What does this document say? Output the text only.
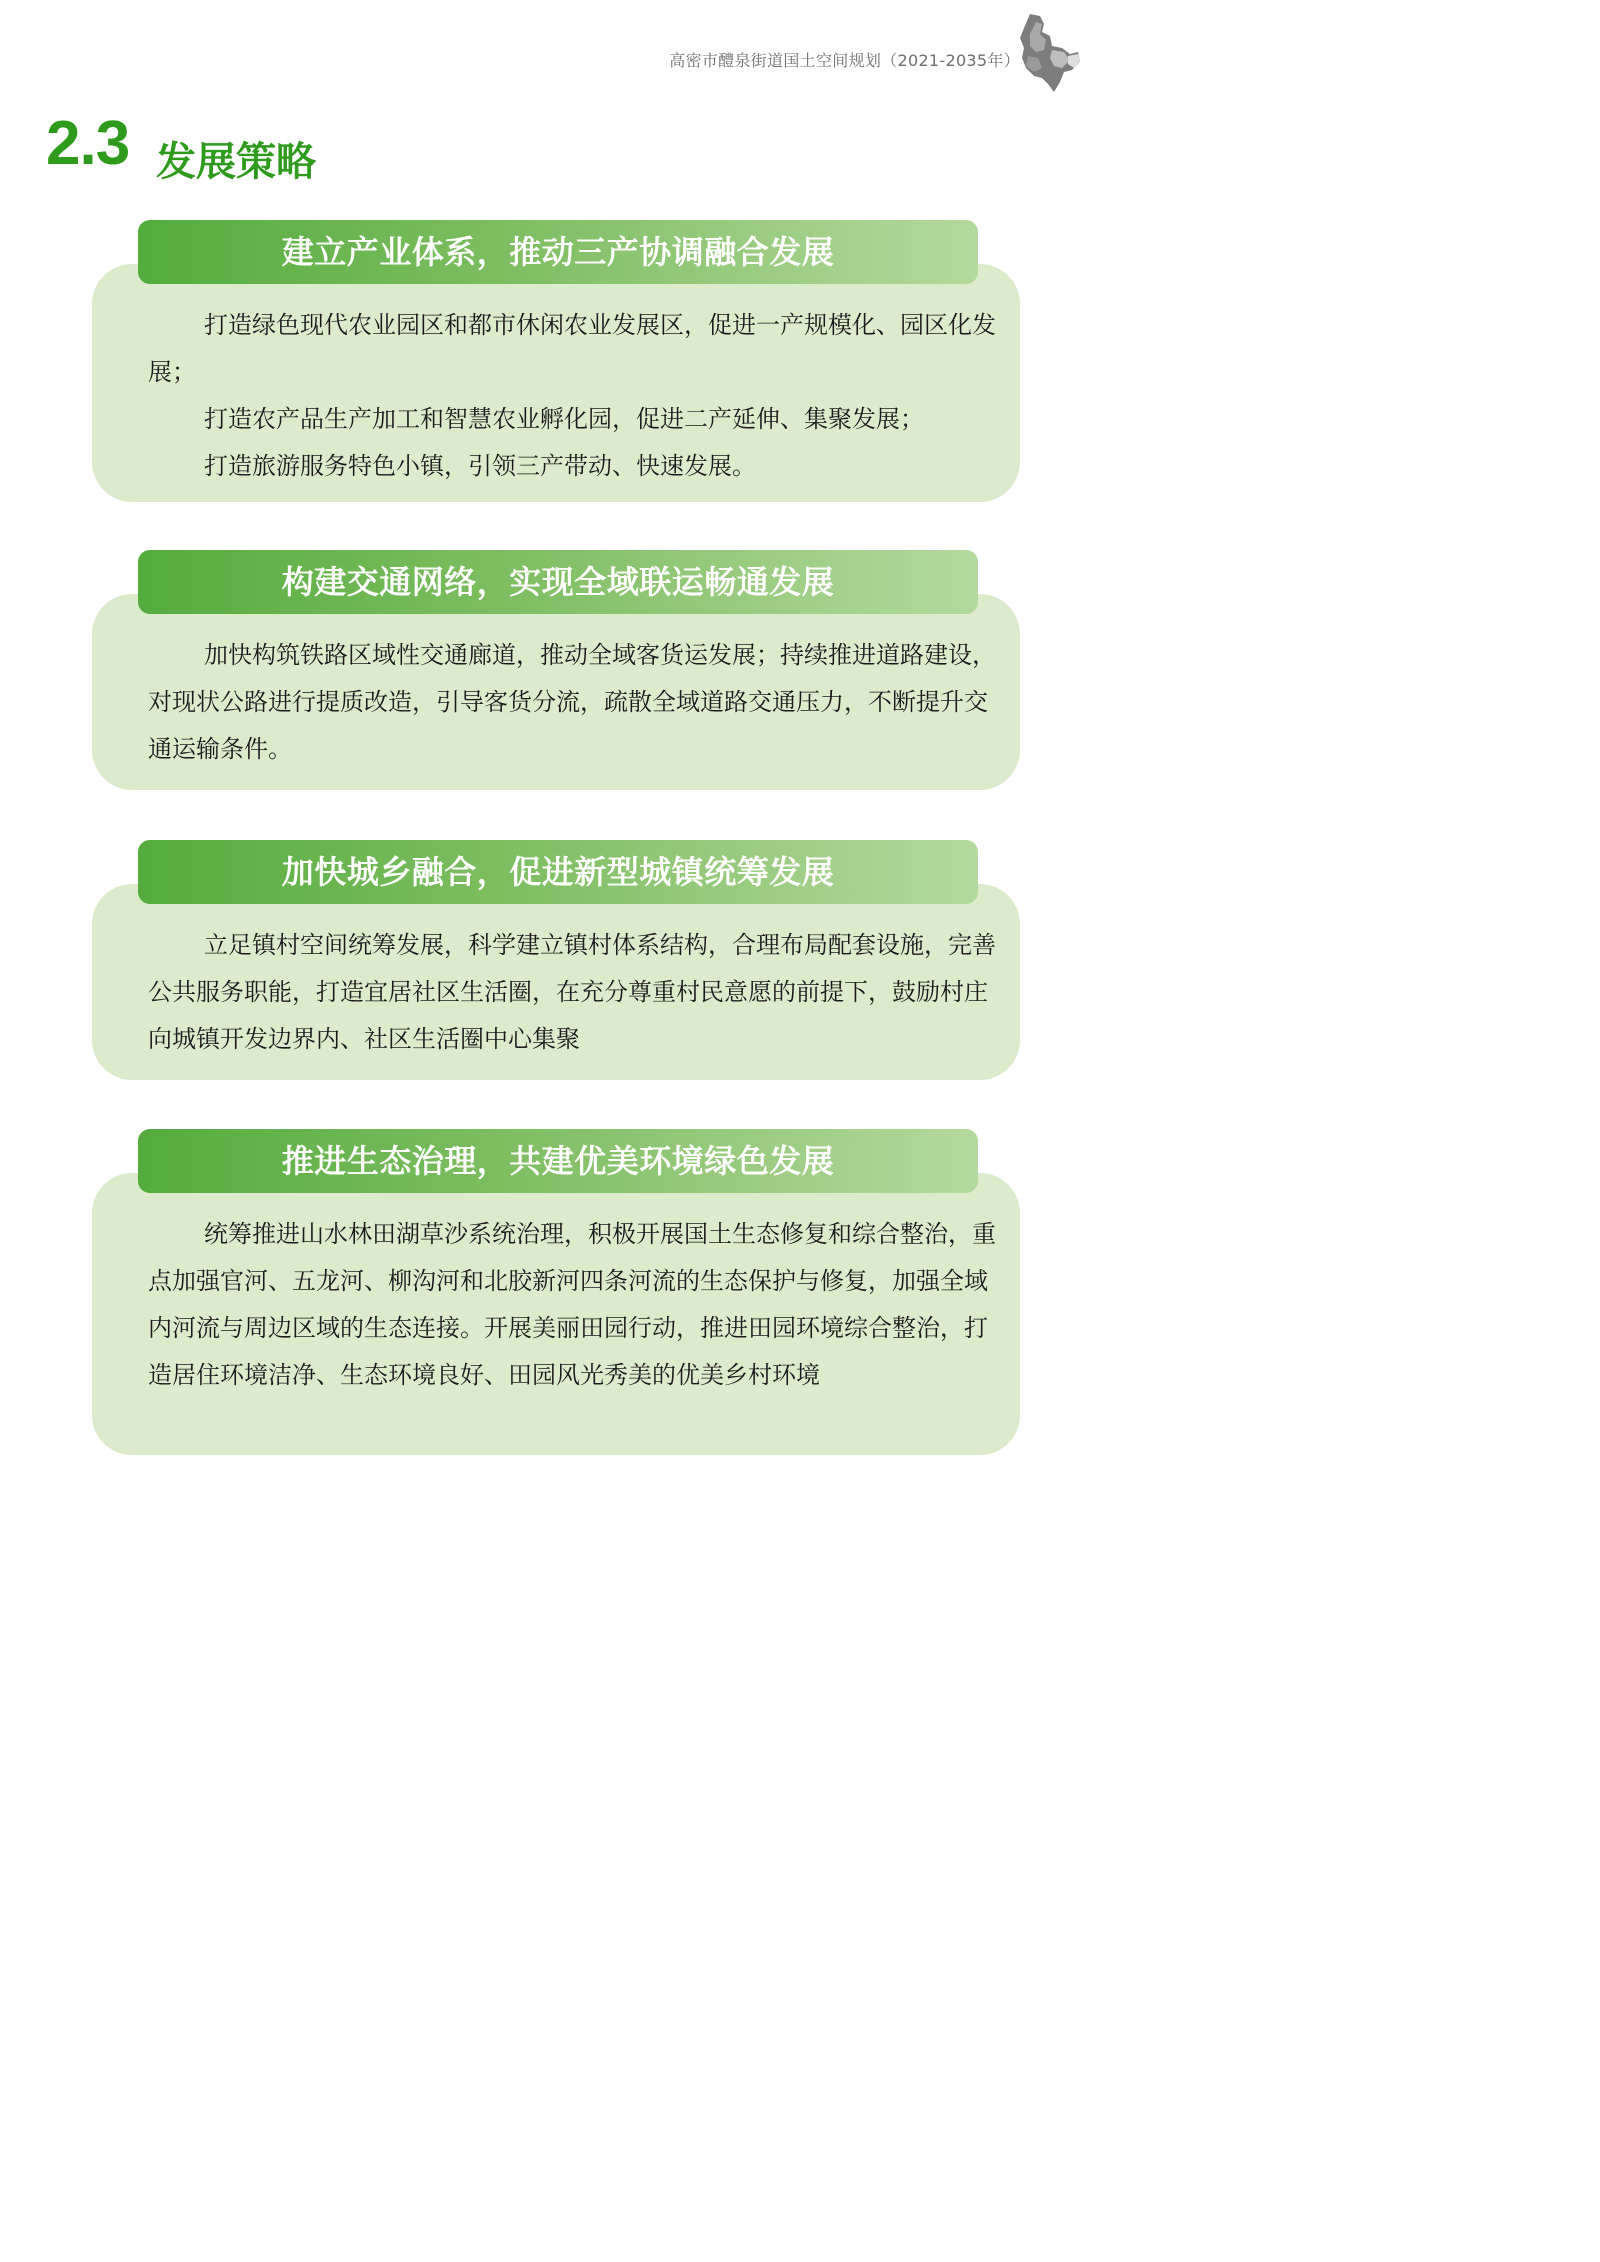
高密市醴泉街道国土空间规划（2021-2035年）
2.3 发展策略
建立产业体系，推动三产协调融合发展

打造绿色现代农业园区和都市休闲农业发展区，促进一产规模化、园区化发展；

打造农产品生产加工和智慧农业孵化园，促进二产延伸、集聚发展；

打造旅游服务特色小镇，引领三产带动、快速发展。

构建交通网络，实现全域联运畅通发展

加快构筑铁路区域性交通廊道，推动全域客货运发展；持续推进道路建设，对现状公路进行提质改造，引导客货分流，疏散全域道路交通压力，不断提升交通运输条件。

加快城乡融合，促进新型城镇统筹发展

立足镇村空间统筹发展，科学建立镇村体系结构，合理布局配套设施，完善公共服务职能，打造宜居社区生活圈，在充分尊重村民意愿的前提下，鼓励村庄向城镇开发边界内、社区生活圈中心集聚

推进生态治理，共建优美环境绿色发展

统筹推进山水林田湖草沙系统治理，积极开展国土生态修复和综合整治，重点加强官河、五龙河、柳沟河和北胶新河四条河流的生态保护与修复，加强全域内河流与周边区域的生态连接。开展美丽田园行动，推进田园环境综合整治，打造居住环境洁净、生态环境良好、田园风光秀美的优美乡村环境
